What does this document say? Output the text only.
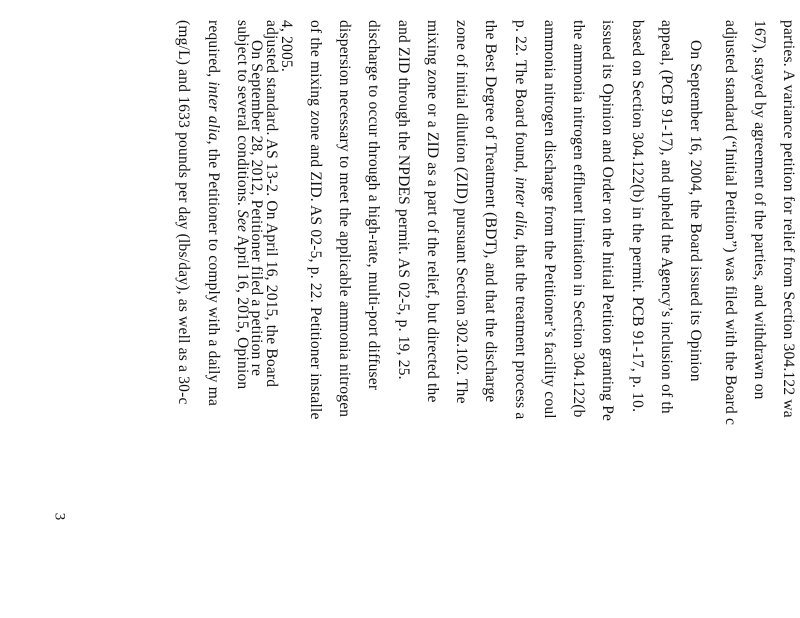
parties. A variance petition for relief from Section 304.122 wa
167), stayed by agreement of the parties, and withdrawn on
adjusted standard (“Initial Petition”) was filed with the Board c
On September 16, 2004, the Board issued its Opinion
appeal, (PCB 91-17), and upheld the Agency’s inclusion of th
based on Section 304.122(b) in the permit. PCB 91-17, p. 10.
issued its Opinion and Order on the Initial Petition granting Pe
the ammonia nitrogen effluent limitation in Section 304.122(b
ammonia nitrogen discharge from the Petitioner’s facility coul
p. 22. The Board found, inter alia, that the treatment process a
the Best Degree of Treatment (BDT), and that the discharge
zone of initial dilution (ZID) pursuant Section 302.102. The
mixing zone or a ZID as a part of the relief, but directed the
and ZID through the NPDES permit. AS 02-5, p. 19, 25.
discharge to occur through a high-rate, multi-port diffuser
dispersion necessary to meet the applicable ammonia nitrogen
of the mixing zone and ZID. AS 02-5, p. 22. Petitioner installe
4, 2005.
On September 28, 2012, Petitioner filed a petition re
adjusted standard. AS 13-2. On April 16, 2015, the Board
subject to several conditions. See April 16, 2015, Opinion
required, inter alia, the Petitioner to comply with a daily ma
(mg/L) and 1633 pounds per day (lbs/day), as well as a 30-c
3
